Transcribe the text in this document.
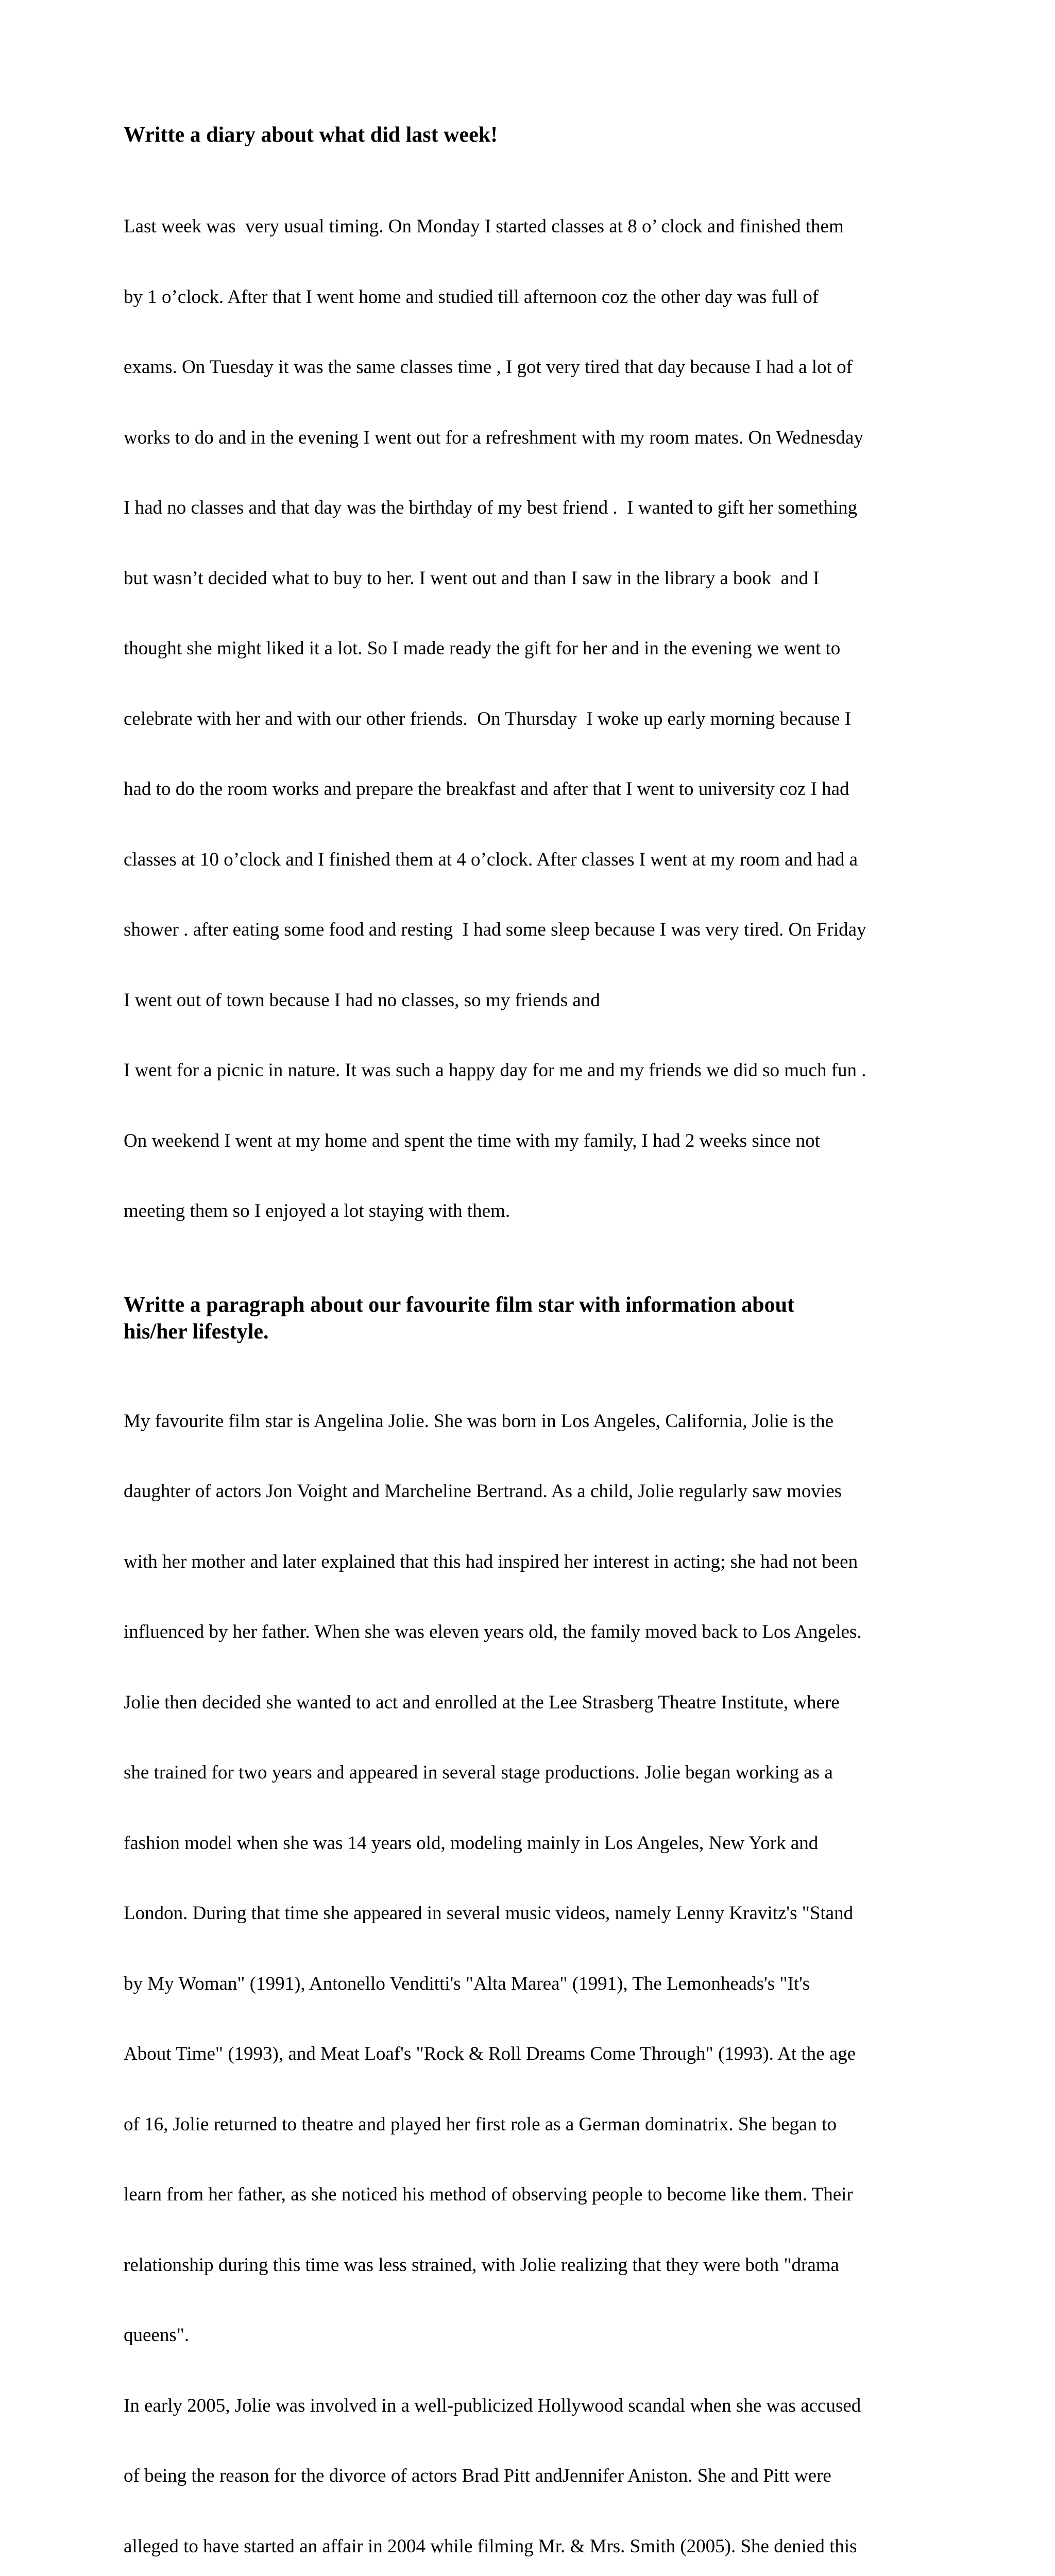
Writte a diary about what did last week!

Last week was  very usual timing. On Monday I started classes at 8 o’ clock and finished them

by 1 o’clock. After that I went home and studied till afternoon coz the other day was full of

exams. On Tuesday it was the same classes time , I got very tired that day because I had a lot of

works to do and in the evening I went out for a refreshment with my room mates. On Wednesday

I had no classes and that day was the birthday of my best friend .  I wanted to gift her something

but wasn’t decided what to buy to her. I went out and than I saw in the library a book  and I

thought she might liked it a lot. So I made ready the gift for her and in the evening we went to

celebrate with her and with our other friends.  On Thursday  I woke up early morning because I

had to do the room works and prepare the breakfast and after that I went to university coz I had

classes at 10 o’clock and I finished them at 4 o’clock. After classes I went at my room and had a

shower . after eating some food and resting  I had some sleep because I was very tired. On Friday

I went out of town because I had no classes, so my friends and

I went for a picnic in nature. It was such a happy day for me and my friends we did so much fun .

On weekend I went at my home and spent the time with my family, I had 2 weeks since not

meeting them so I enjoyed a lot staying with them.

Writte a paragraph about our favourite film star with information about
his/her lifestyle.

My favourite film star is Angelina Jolie. She was born in Los Angeles, California, Jolie is the

daughter of actors Jon Voight and Marcheline Bertrand. As a child, Jolie regularly saw movies

with her mother and later explained that this had inspired her interest in acting; she had not been

influenced by her father. When she was eleven years old, the family moved back to Los Angeles.

Jolie then decided she wanted to act and enrolled at the Lee Strasberg Theatre Institute, where

she trained for two years and appeared in several stage productions. Jolie began working as a

fashion model when she was 14 years old, modeling mainly in Los Angeles, New York and

London. During that time she appeared in several music videos, namely Lenny Kravitz's "Stand

by My Woman" (1991), Antonello Venditti's "Alta Marea" (1991), The Lemonheads's "It's

About Time" (1993), and Meat Loaf's "Rock & Roll Dreams Come Through" (1993). At the age

of 16, Jolie returned to theatre and played her first role as a German dominatrix. She began to

learn from her father, as she noticed his method of observing people to become like them. Their

relationship during this time was less strained, with Jolie realizing that they were both "drama

queens".

In early 2005, Jolie was involved in a well-publicized Hollywood scandal when she was accused

of being the reason for the divorce of actors Brad Pitt andJennifer Aniston. She and Pitt were

alleged to have started an affair in 2004 while filming Mr. & Mrs. Smith (2005). She denied this
